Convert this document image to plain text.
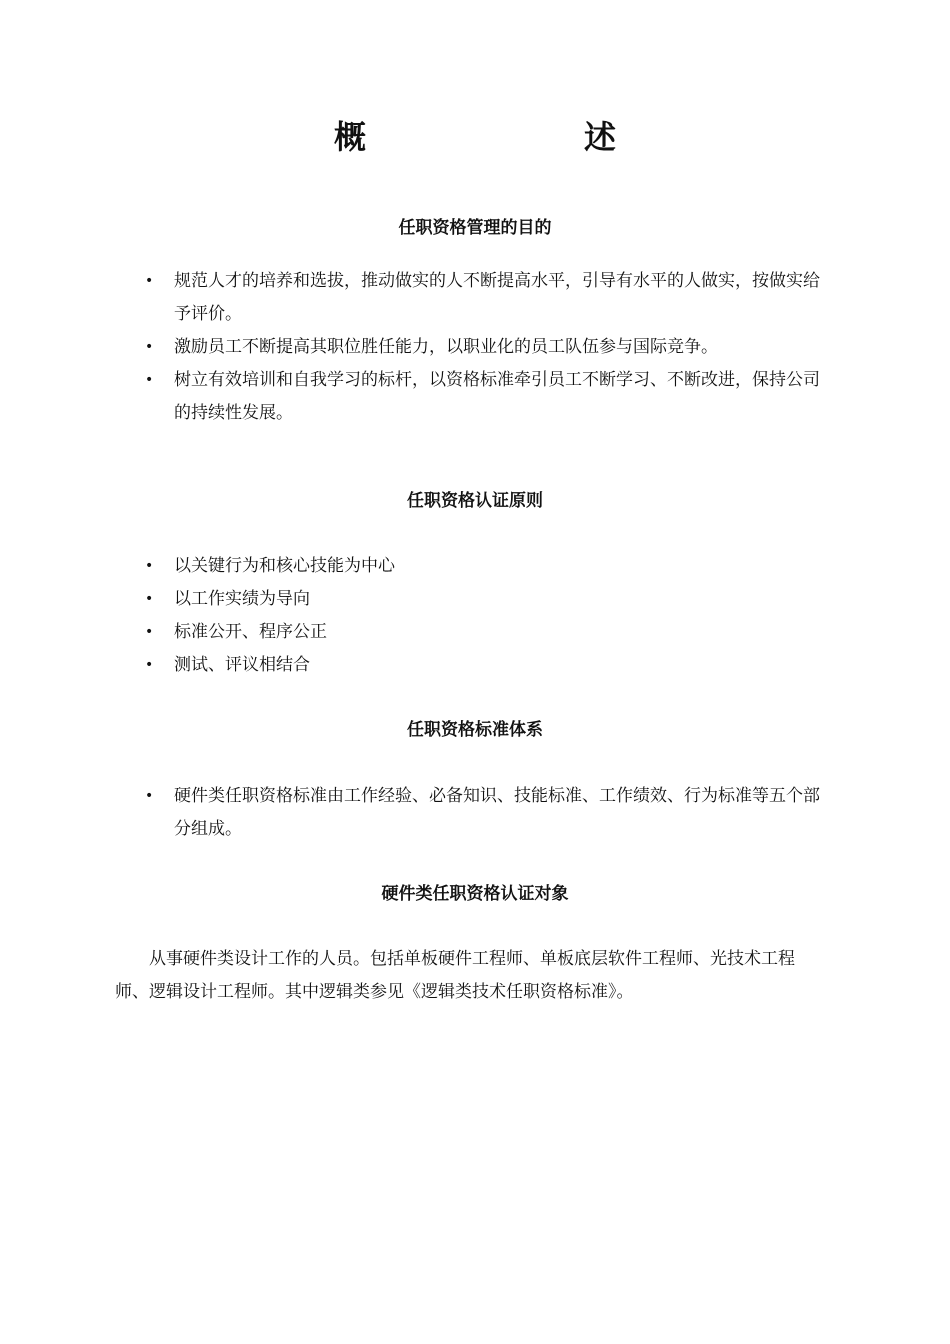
概	述
任职资格管理的目的
• 规范人才的培养和选拔，推动做实的人不断提高水平，引导有水平的人做实，按做实给予评价。
• 激励员工不断提高其职位胜任能力，以职业化的员工队伍参与国际竞争。
• 树立有效培训和自我学习的标杆，以资格标准牵引员工不断学习、不断改进，保持公司的持续性发展。
任职资格认证原则
• 以关键行为和核心技能为中心
• 以工作实绩为导向
• 标准公开、程序公正
• 测试、评议相结合
任职资格标准体系
• 硬件类任职资格标准由工作经验、必备知识、技能标准、工作绩效、行为标准等五个部分组成。
硬件类任职资格认证对象

从事硬件类设计工作的人员。包括单板硬件工程师、单板底层软件工程师、光技术工程师、逻辑设计工程师。其中逻辑类参见《逻辑类技术任职资格标准》。
